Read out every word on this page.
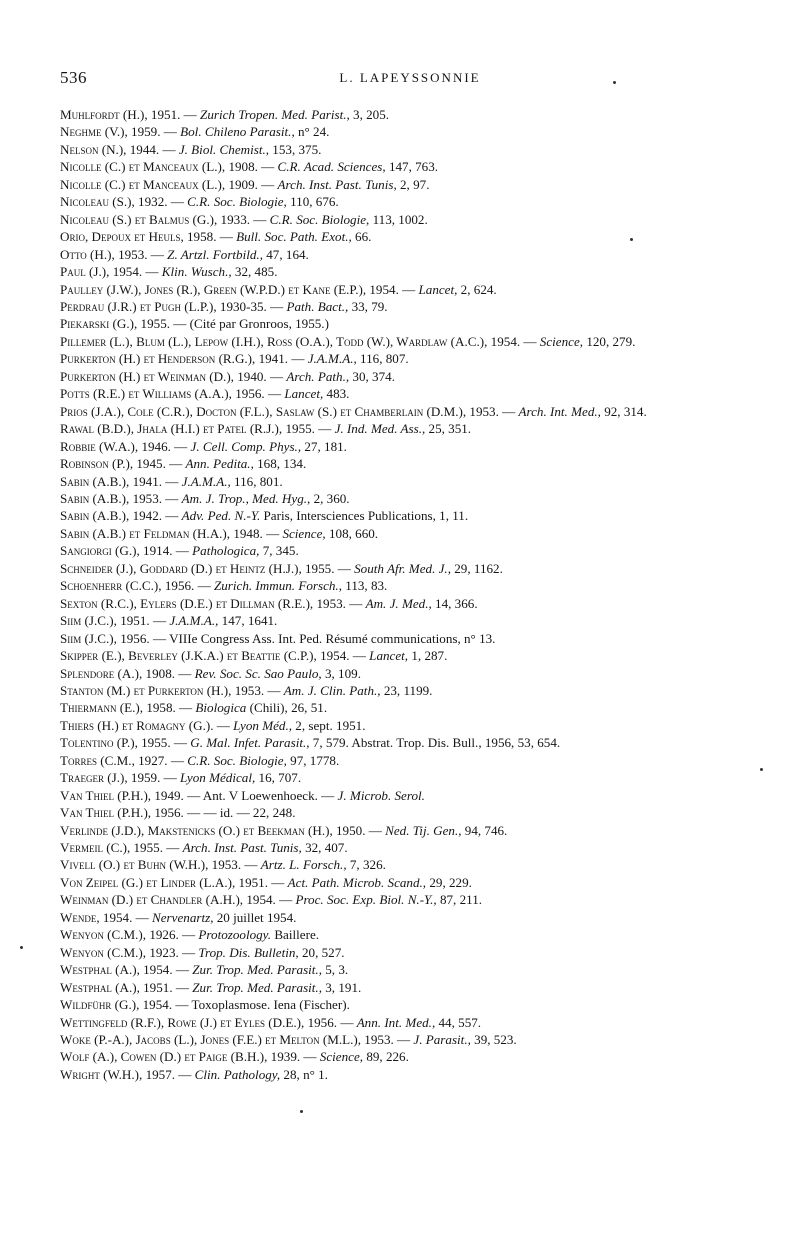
536	L. LAPEYSSONNIE
Muhlfordt (H.), 1951. — Zurich Tropen. Med. Parist., 3, 205.
Neghme (V.), 1959. — Bol. Chileno Parasit., n° 24.
Nelson (N.), 1944. — J. Biol. Chemist., 153, 375.
Nicolle (C.) et Manceaux (L.), 1908. — C.R. Acad. Sciences, 147, 763.
Nicolle (C.) et Manceaux (L.), 1909. — Arch. Inst. Past. Tunis, 2, 97.
Nicoleau (S.), 1932. — C.R. Soc. Biologie, 110, 676.
Nicoleau (S.) et Balmus (G.), 1933. — C.R. Soc. Biologie, 113, 1002.
Orio, Depoux et Heuls, 1958. — Bull. Soc. Path. Exot., 66.
Otto (H.), 1953. — Z. Artzl. Fortbild., 47, 164.
Paul (J.), 1954. — Klin. Wusch., 32, 485.
Paulley (J.W.), Jones (R.), Green (W.P.D.) et Kane (E.P.), 1954. — Lancet, 2, 624.
Perdrau (J.R.) et Pugh (L.P.), 1930-35. — Path. Bact., 33, 79.
Piekarski (G.), 1955. — (Cité par Gronroos, 1955.)
Pillemer (L.), Blum (L.), Lepow (I.H.), Ross (O.A.), Todd (W.), Wardlaw (A.C.), 1954. — Science, 120, 279.
Purkerton (H.) et Henderson (R.G.), 1941. — J.A.M.A., 116, 807.
Purkerton (H.) et Weinman (D.), 1940. — Arch. Path., 30, 374.
Potts (R.E.) et Williams (A.A.), 1956. — Lancet, 483.
Prios (J.A.), Cole (C.R.), Docton (F.L.), Saslaw (S.) et Chamberlain (D.M.), 1953. — Arch. Int. Med., 92, 314.
Rawal (B.D.), Jhala (H.I.) et Patel (R.J.), 1955. — J. Ind. Med. Ass., 25, 351.
Robbie (W.A.), 1946. — J. Cell. Comp. Phys., 27, 181.
Robinson (P.), 1945. — Ann. Pedita., 168, 134.
Sabin (A.B.), 1941. — J.A.M.A., 116, 801.
Sabin (A.B.), 1953. — Am. J. Trop., Med. Hyg., 2, 360.
Sabin (A.B.), 1942. — Adv. Ped. N.-Y. Paris, Intersciences Publications, 1, 11.
Sabin (A.B.) et Feldman (H.A.), 1948. — Science, 108, 660.
Sangiorgi (G.), 1914. — Pathologica, 7, 345.
Schneider (J.), Goddard (D.) et Heintz (H.J.), 1955. — South Afr. Med. J., 29, 1162.
Schoenherr (C.C.), 1956. — Zurich. Immun. Forsch., 113, 83.
Sexton (R.C.), Eylers (D.E.) et Dillman (R.E.), 1953. — Am. J. Med., 14, 366.
Siim (J.C.), 1951. — J.A.M.A., 147, 1641.
Siim (J.C.), 1956. — VIIIe Congress Ass. Int. Ped. Résumé communications, n° 13.
Skipper (E.), Beverley (J.K.A.) et Beattie (C.P.), 1954. — Lancet, 1, 287.
Splendore (A.), 1908. — Rev. Soc. Sc. Sao Paulo, 3, 109.
Stanton (M.) et Purkerton (H.), 1953. — Am. J. Clin. Path., 23, 1199.
Thiermann (E.), 1958. — Biologica (Chili), 26, 51.
Thiers (H.) et Romagny (G.). — Lyon Méd., 2, sept. 1951.
Tolentino (P.), 1955. — G. Mal. Infet. Parasit., 7, 579. Abstrat. Trop. Dis. Bull., 1956, 53, 654.
Torres (C.M., 1927. — C.R. Soc. Biologie, 97, 1778.
Traeger (J.), 1959. — Lyon Médical, 16, 707.
Van Thiel (P.H.), 1949. — Ant. V Loewenhoeck. — J. Microb. Serol.
Van Thiel (P.H.), 1956. — — id. — 22, 248.
Verlinde (J.D.), Makstenicks (O.) et Beekman (H.), 1950. — Ned. Tij. Gen., 94, 746.
Vermeil (C.), 1955. — Arch. Inst. Past. Tunis, 32, 407.
Vivell (O.) et Buhn (W.H.), 1953. — Artz. L. Forsch., 7, 326.
Von Zeipel (G.) et Linder (L.A.), 1951. — Act. Path. Microb. Scand., 29, 229.
Weinman (D.) et Chandler (A.H.), 1954. — Proc. Soc. Exp. Biol. N.-Y., 87, 211.
Wende, 1954. — Nervenartz, 20 juillet 1954.
Wenyon (C.M.), 1926. — Protozoology. Baillere.
Wenyon (C.M.), 1923. — Trop. Dis. Bulletin, 20, 527.
Westphal (A.), 1954. — Zur. Trop. Med. Parasit., 5, 3.
Westphal (A.), 1951. — Zur. Trop. Med. Parasit., 3, 191.
Wildführ (G.), 1954. — Toxoplasmose. Iena (Fischer).
Wettingfeld (R.F.), Rowe (J.) et Eyles (D.E.), 1956. — Ann. Int. Med., 44, 557.
Woke (P.-A.), Jacobs (L.), Jones (F.E.) et Melton (M.L.), 1953. — J. Parasit., 39, 523.
Wolf (A.), Cowen (D.) et Paige (B.H.), 1939. — Science, 89, 226.
Wright (W.H.), 1957. — Clin. Pathology, 28, n° 1.
